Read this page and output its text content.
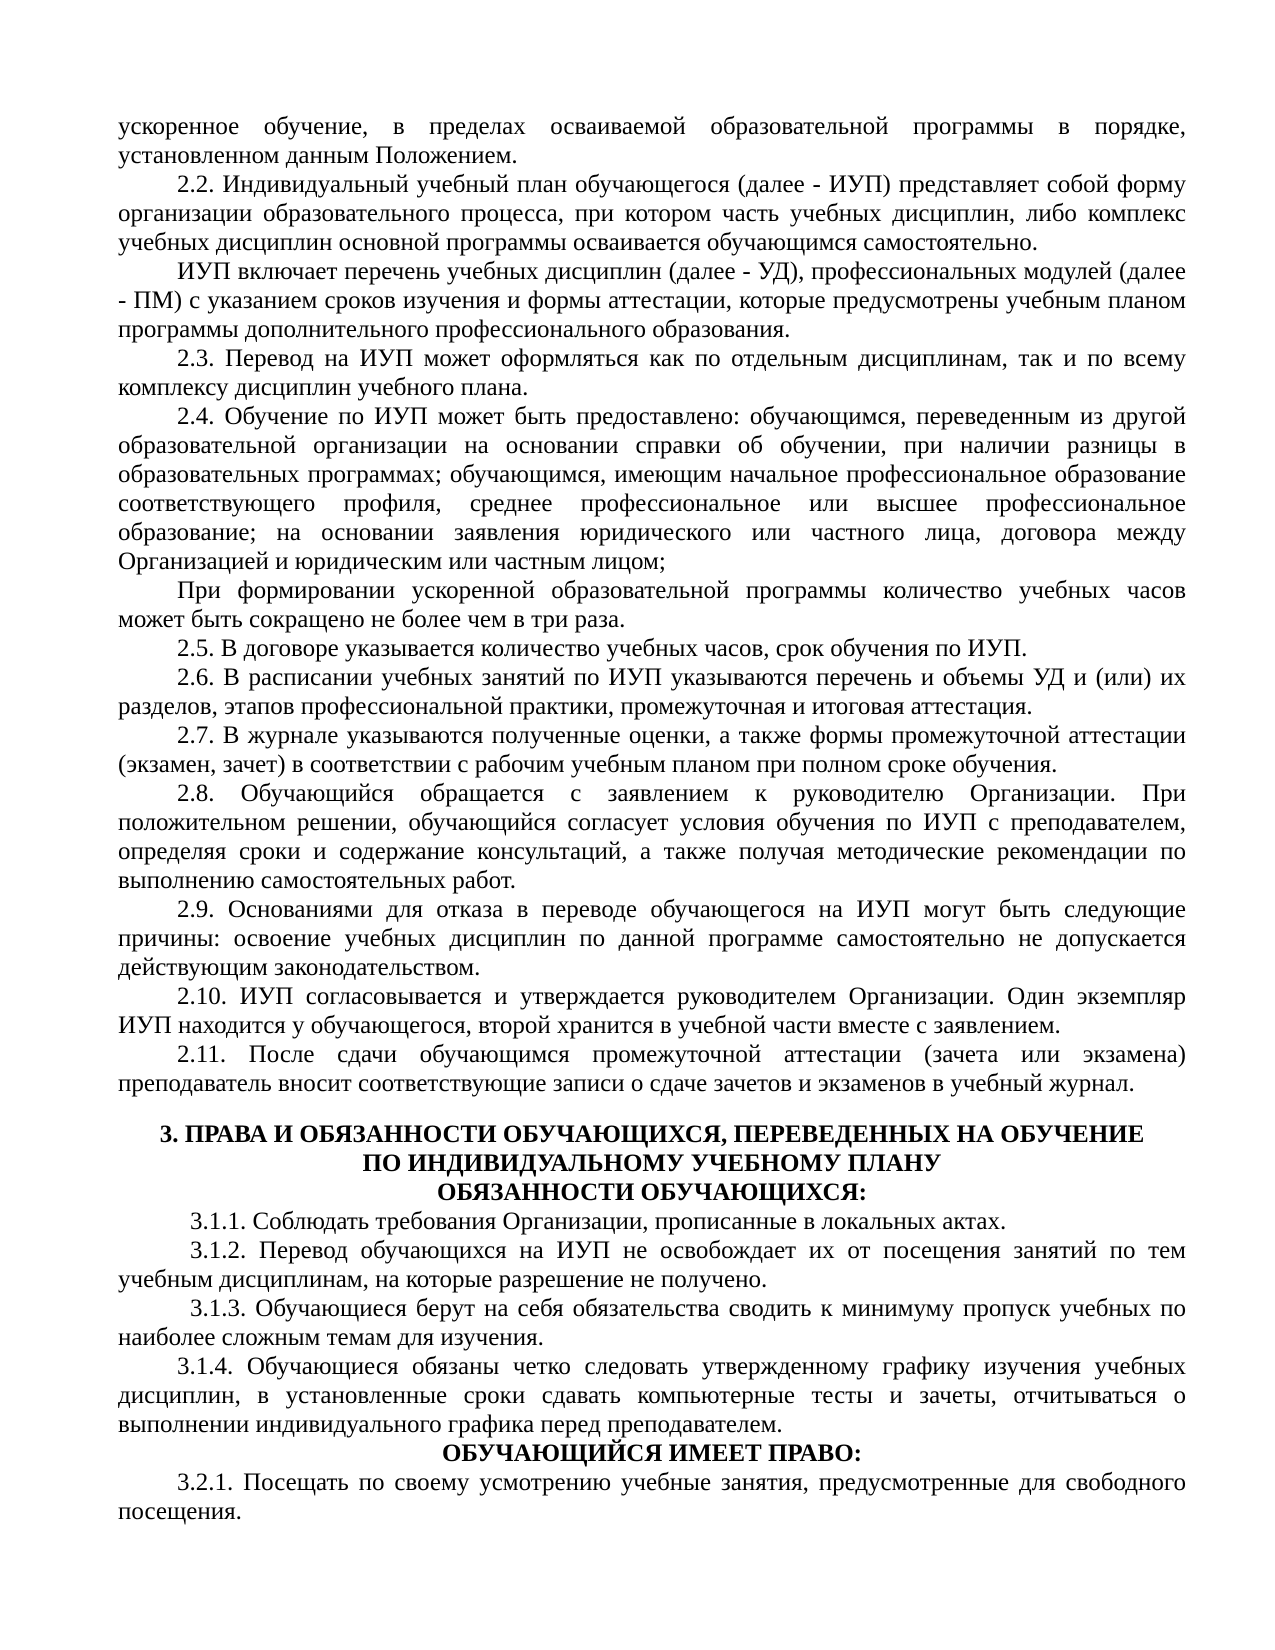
ускоренное обучение, в пределах осваиваемой образовательной программы в порядке, установленном данным Положением.

2.2. Индивидуальный учебный план обучающегося (далее - ИУП) представляет собой форму организации образовательного процесса, при котором часть учебных дисциплин, либо комплекс учебных дисциплин основной программы осваивается обучающимся самостоятельно.

ИУП включает перечень учебных дисциплин (далее - УД), профессиональных модулей (далее - ПМ) с указанием сроков изучения и формы аттестации, которые предусмотрены учебным планом программы дополнительного профессионального образования.

2.3. Перевод на ИУП может оформляться как по отдельным дисциплинам, так и по всему комплексу дисциплин учебного плана.

2.4. Обучение по ИУП может быть предоставлено: обучающимся, переведенным из другой образовательной организации на основании справки об обучении, при наличии разницы в образовательных программах; обучающимся, имеющим начальное профессиональное образование соответствующего профиля, среднее профессиональное или высшее профессиональное образование; на основании заявления юридического или частного лица, договора между Организацией и юридическим или частным лицом;

При формировании ускоренной образовательной программы количество учебных часов может быть сокращено не более чем в три раза.

2.5. В договоре указывается количество учебных часов, срок обучения по ИУП.

2.6. В расписании учебных занятий по ИУП указываются перечень и объемы УД и (или) их разделов, этапов профессиональной практики, промежуточная и итоговая аттестация.

2.7. В журнале указываются полученные оценки, а также формы промежуточной аттестации (экзамен, зачет) в соответствии с рабочим учебным планом при полном сроке обучения.

2.8. Обучающийся обращается с заявлением к руководителю Организации. При положительном решении, обучающийся согласует условия обучения по ИУП с преподавателем, определяя сроки и содержание консультаций, а также получая методические рекомендации по выполнению самостоятельных работ.

2.9. Основаниями для отказа в переводе обучающегося на ИУП могут быть следующие причины: освоение учебных дисциплин по данной программе самостоятельно не допускается действующим законодательством.

2.10. ИУП согласовывается и утверждается руководителем Организации. Один экземпляр ИУП находится у обучающегося, второй хранится в учебной части вместе с заявлением.

2.11. После сдачи обучающимся промежуточной аттестации (зачета или экзамена) преподаватель вносит соответствующие записи о сдаче зачетов и экзаменов в учебный журнал.

3. ПРАВА И ОБЯЗАННОСТИ ОБУЧАЮЩИХСЯ, ПЕРЕВЕДЕННЫХ НА ОБУЧЕНИЕ
ПО ИНДИВИДУАЛЬНОМУ УЧЕБНОМУ ПЛАНУ
ОБЯЗАННОСТИ ОБУЧАЮЩИХСЯ:

3.1.1. Соблюдать требования Организации, прописанные в локальных актах.

3.1.2. Перевод обучающихся на ИУП не освобождает их от посещения занятий по тем учебным дисциплинам, на которые разрешение не получено.

3.1.3. Обучающиеся берут на себя обязательства сводить к минимуму пропуск учебных по наиболее сложным темам для изучения.

3.1.4. Обучающиеся обязаны четко следовать утвержденному графику изучения учебных дисциплин, в установленные сроки сдавать компьютерные тесты и зачеты, отчитываться о выполнении индивидуального графика перед преподавателем.

ОБУЧАЮЩИЙСЯ ИМЕЕТ ПРАВО:

3.2.1. Посещать по своему усмотрению учебные занятия, предусмотренные для свободного посещения.
